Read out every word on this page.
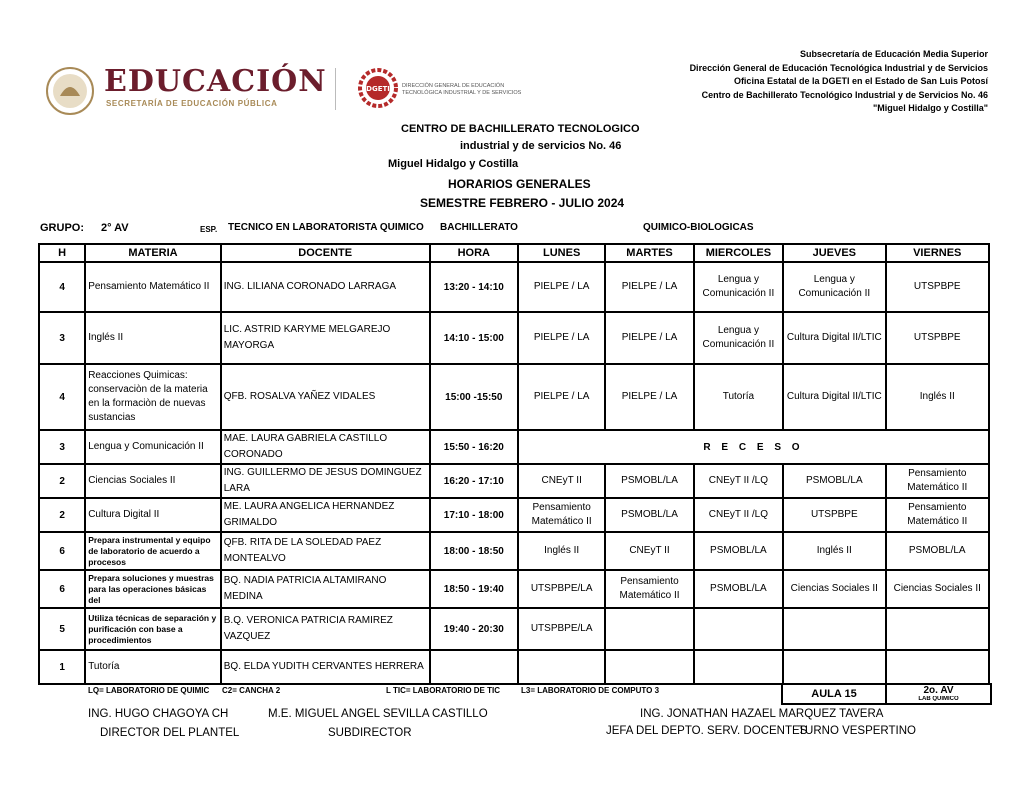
EDUCACIÓN
SECRETARÍA DE EDUCACIÓN PÚBLICA
DGETI DIRECCIÓN GENERAL DE EDUCACIÓN
TECNOLÓGICA INDUSTRIAL Y DE SERVICIOS
Subsecretaría de Educación Media Superior
Dirección General de Educación Tecnológica Industrial y de Servicios
Oficina Estatal de la DGETI en el Estado de San Luis Potosí
Centro de Bachillerato Tecnológico Industrial y de Servicios No. 46
"Miguel Hidalgo y Costilla"
CENTRO DE BACHILLERATO TECNOLOGICO
industrial y de servicios No. 46
Miguel Hidalgo y Costilla
HORARIOS GENERALES
SEMESTRE FEBRERO - JULIO 2024
GRUPO: 2° AV	ESP. TECNICO EN LABORATORISTA QUIMICO BACHILLERATO	QUIMICO-BIOLOGICAS
H	MATERIA	DOCENTE	HORA	LUNES	MARTES	MIERCOLES	JUEVES	VIERNES
4	Pensamiento Matemático II	ING. LILIANA CORONADO LARRAGA	13:20 - 14:10	PIELPE / LA	PIELPE / LA	Lengua y Comunicación II	Lengua y Comunicación II	UTSPBPE
3	Inglés II	LIC. ASTRID KARYME MELGAREJO MAYORGA	14:10 - 15:00	PIELPE / LA	PIELPE / LA	Lengua y Comunicación II	Cultura Digital II/LTIC	UTSPBPE
4	Reacciones Quimicas: conservaciòn de la materia en la formaciòn de nuevas sustancias	QFB. ROSALVA YAÑEZ VIDALES	15:00 -15:50	PIELPE / LA	PIELPE / LA	Tutoría	Cultura Digital II/LTIC	Inglés II
3	Lengua y Comunicación II	MAE. LAURA GABRIELA CASTILLO CORONADO	15:50 - 16:20	R E C E S O				
2	Ciencias Sociales II	ING. GUILLERMO DE JESUS DOMINGUEZ LARA	16:20 - 17:10	CNEyT II	PSMOBL/LA	CNEyT II /LQ	PSMOBL/LA	Pensamiento Matemático II
2	Cultura Digital II	ME. LAURA ANGELICA HERNANDEZ GRIMALDO	17:10 - 18:00	Pensamiento Matemático II	PSMOBL/LA	CNEyT II /LQ	UTSPBPE	Pensamiento Matemático II
6	Prepara instrumental y equipo de laboratorio de acuerdo a procesos	QFB. RITA DE LA SOLEDAD PAEZ MONTEALVO	18:00 - 18:50	Inglés II	CNEyT II	PSMOBL/LA	Inglés II	PSMOBL/LA
6	Prepara soluciones y muestras para las operaciones básicas del	BQ. NADIA PATRICIA ALTAMIRANO MEDINA	18:50 - 19:40	UTSPBPE/LA	Pensamiento Matemático II	PSMOBL/LA	Ciencias Sociales II	Ciencias Sociales II
5	Utiliza técnicas de separación y purificación con base a procedimientos	B.Q. VERONICA PATRICIA RAMIREZ VAZQUEZ	19:40 - 20:30	UTSPBPE/LA				
1	Tutoría	BQ. ELDA YUDITH CERVANTES HERRERA						
LQ= LABORATORIO DE QUIMIC C2= CANCHA 2	L TIC= LABORATORIO DE TIC	L3= LABORATORIO DE COMPUTO 3	AULA 15	2o. AV
LAB QUIMICO
ING. HUGO CHAGOYA CH
DIRECTOR DEL PLANTEL
M.E. MIGUEL ANGEL SEVILLA CASTILLO
SUBDIRECTOR
ING. JONATHAN HAZAEL MARQUEZ TAVERA
JEFA DEL DEPTO. SERV. DOCENTES
TURNO VESPERTINO
